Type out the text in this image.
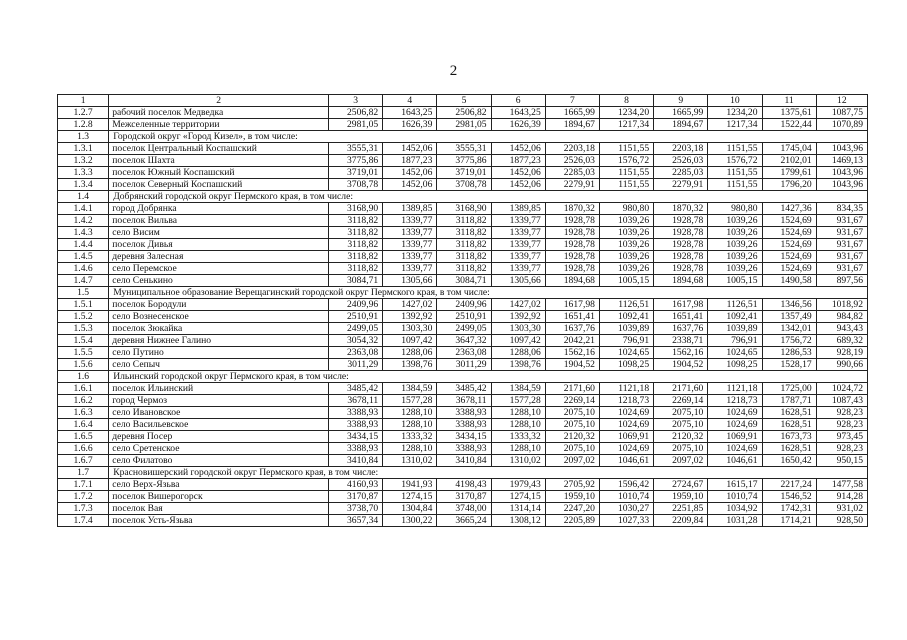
2
1	2	3	4	5	6	7	8	9	10	11	12
1.2.7	рабочий поселок Медведка	2506,82	1643,25	2506,82	1643,25	1665,99	1234,20	1665,99	1234,20	1375,61	1087,75
1.2.8	Межселенные территории	2981,05	1626,39	2981,05	1626,39	1894,67	1217,34	1894,67	1217,34	1522,44	1070,89
1.3	Городской округ «Город Кизел», в том числе:										
1.3.1	поселок Центральный Коспашский	3555,31	1452,06	3555,31	1452,06	2203,18	1151,55	2203,18	1151,55	1745,04	1043,96
1.3.2	поселок Шахта	3775,86	1877,23	3775,86	1877,23	2526,03	1576,72	2526,03	1576,72	2102,01	1469,13
1.3.3	поселок Южный Коспашский	3719,01	1452,06	3719,01	1452,06	2285,03	1151,55	2285,03	1151,55	1799,61	1043,96
1.3.4	поселок Северный Коспашский	3708,78	1452,06	3708,78	1452,06	2279,91	1151,55	2279,91	1151,55	1796,20	1043,96
1.4	Добрянский городской округ Пермского края, в том числе:										
1.4.1	город Добрянка	3168,90	1389,85	3168,90	1389,85	1870,32	980,80	1870,32	980,80	1427,36	834,35
1.4.2	поселок Вильва	3118,82	1339,77	3118,82	1339,77	1928,78	1039,26	1928,78	1039,26	1524,69	931,67
1.4.3	село Висим	3118,82	1339,77	3118,82	1339,77	1928,78	1039,26	1928,78	1039,26	1524,69	931,67
1.4.4	поселок Дивья	3118,82	1339,77	3118,82	1339,77	1928,78	1039,26	1928,78	1039,26	1524,69	931,67
1.4.5	деревня Залесная	3118,82	1339,77	3118,82	1339,77	1928,78	1039,26	1928,78	1039,26	1524,69	931,67
1.4.6	село Перемское	3118,82	1339,77	3118,82	1339,77	1928,78	1039,26	1928,78	1039,26	1524,69	931,67
1.4.7	село Сенькино	3084,71	1305,66	3084,71	1305,66	1894,68	1005,15	1894,68	1005,15	1490,58	897,56
1.5	Муниципальное образование Верещагинский городской округ Пермского края, в том числе:										
1.5.1	поселок Бородули	2409,96	1427,02	2409,96	1427,02	1617,98	1126,51	1617,98	1126,51	1346,56	1018,92
1.5.2	село Вознесенское	2510,91	1392,92	2510,91	1392,92	1651,41	1092,41	1651,41	1092,41	1357,49	984,82
1.5.3	поселок Зюкайка	2499,05	1303,30	2499,05	1303,30	1637,76	1039,89	1637,76	1039,89	1342,01	943,43
1.5.4	деревня Нижнее Галино	3054,32	1097,42	3647,32	1097,42	2042,21	796,91	2338,71	796,91	1756,72	689,32
1.5.5	село Путино	2363,08	1288,06	2363,08	1288,06	1562,16	1024,65	1562,16	1024,65	1286,53	928,19
1.5.6	село Сепыч	3011,29	1398,76	3011,29	1398,76	1904,52	1098,25	1904,52	1098,25	1528,17	990,66
1.6	Ильинский городской округ Пермского края, в том числе:										
1.6.1	поселок Ильинский	3485,42	1384,59	3485,42	1384,59	2171,60	1121,18	2171,60	1121,18	1725,00	1024,72
1.6.2	город Чермоз	3678,11	1577,28	3678,11	1577,28	2269,14	1218,73	2269,14	1218,73	1787,71	1087,43
1.6.3	село Ивановское	3388,93	1288,10	3388,93	1288,10	2075,10	1024,69	2075,10	1024,69	1628,51	928,23
1.6.4	село Васильевское	3388,93	1288,10	3388,93	1288,10	2075,10	1024,69	2075,10	1024,69	1628,51	928,23
1.6.5	деревня Посер	3434,15	1333,32	3434,15	1333,32	2120,32	1069,91	2120,32	1069,91	1673,73	973,45
1.6.6	село Сретенское	3388,93	1288,10	3388,93	1288,10	2075,10	1024,69	2075,10	1024,69	1628,51	928,23
1.6.7	село Филатово	3410,84	1310,02	3410,84	1310,02	2097,02	1046,61	2097,02	1046,61	1650,42	950,15
1.7	Красновишерский городской округ Пермского края, в том числе:										
1.7.1	село Верх-Язьва	4160,93	1941,93	4198,43	1979,43	2705,92	1596,42	2724,67	1615,17	2217,24	1477,58
1.7.2	поселок Вишерогорск	3170,87	1274,15	3170,87	1274,15	1959,10	1010,74	1959,10	1010,74	1546,52	914,28
1.7.3	поселок Вая	3738,70	1304,84	3748,00	1314,14	2247,20	1030,27	2251,85	1034,92	1742,31	931,02
1.7.4	поселок Усть-Язьва	3657,34	1300,22	3665,24	1308,12	2205,89	1027,33	2209,84	1031,28	1714,21	928,50
